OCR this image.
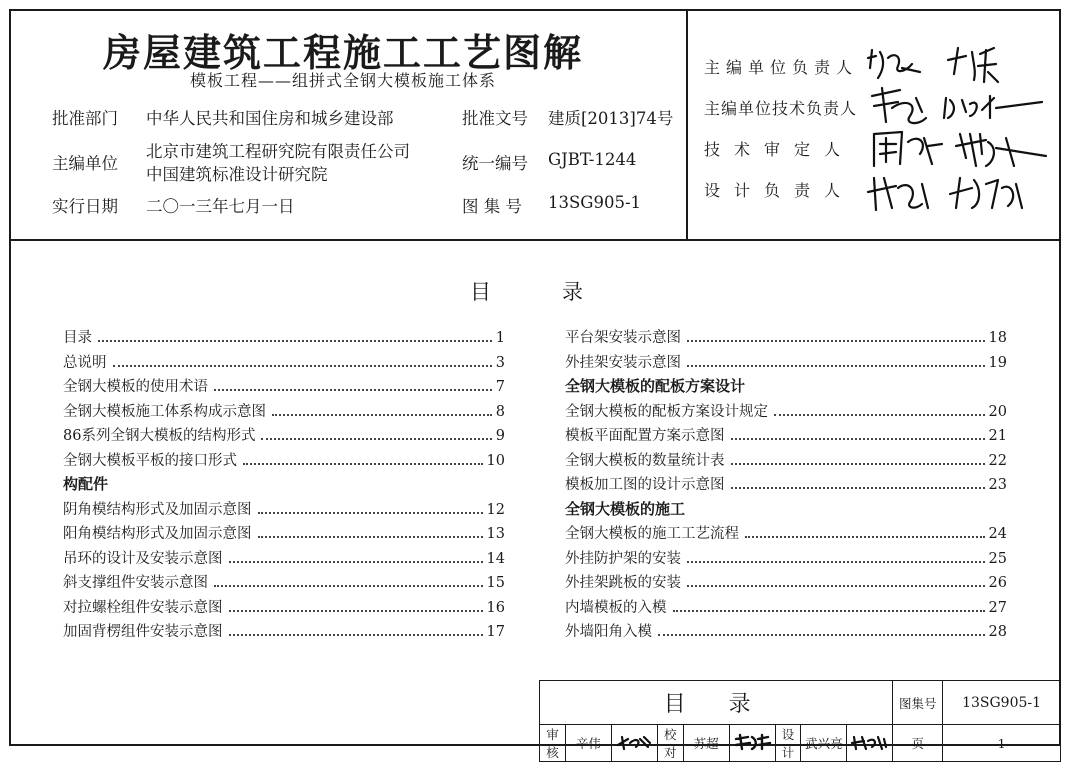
房屋建筑工程施工工艺图解
模板工程——组拼式全钢大模板施工体系
批准部门 中华人民共和国住房和城乡建设部	批准文号 建质[2013]74号
主编单位
北京市建筑工程研究院有限责任公司
中国建筑标准设计研究院
统一编号 GJBT-1244
实行日期 二〇一三年七月一日	图 集 号 13SG905-1
主编单位负责人
主编单位技术负责人
技术审定人
设计负责人
目	录
目录	1
总说明	3
全钢大模板的使用术语	7
全钢大模板施工体系构成示意图	8
86系列全钢大模板的结构形式	9
全钢大模板平板的接口形式	10
构配件
阴角模结构形式及加固示意图	12
阳角模结构形式及加固示意图	13
吊环的设计及安装示意图	14
斜支撑组件安装示意图	15
对拉螺栓组件安装示意图	16
加固背楞组件安装示意图	17
平台架安装示意图	18
外挂架安装示意图	19
全钢大模板的配板方案设计
全钢大模板的配板方案设计规定	20
模板平面配置方案示意图	21
全钢大模板的数量统计表	22
模板加工图的设计示意图	23
全钢大模板的施工
全钢大模板的施工工艺流程	24
外挂防护架的安装	25
外挂架跳板的安装	26
内墙模板的入模	27
外墙阳角入模	28
目 录									图集号	13SG905-1
审核	辛伟		校对	苏超		设计	武兴亮		页	1
